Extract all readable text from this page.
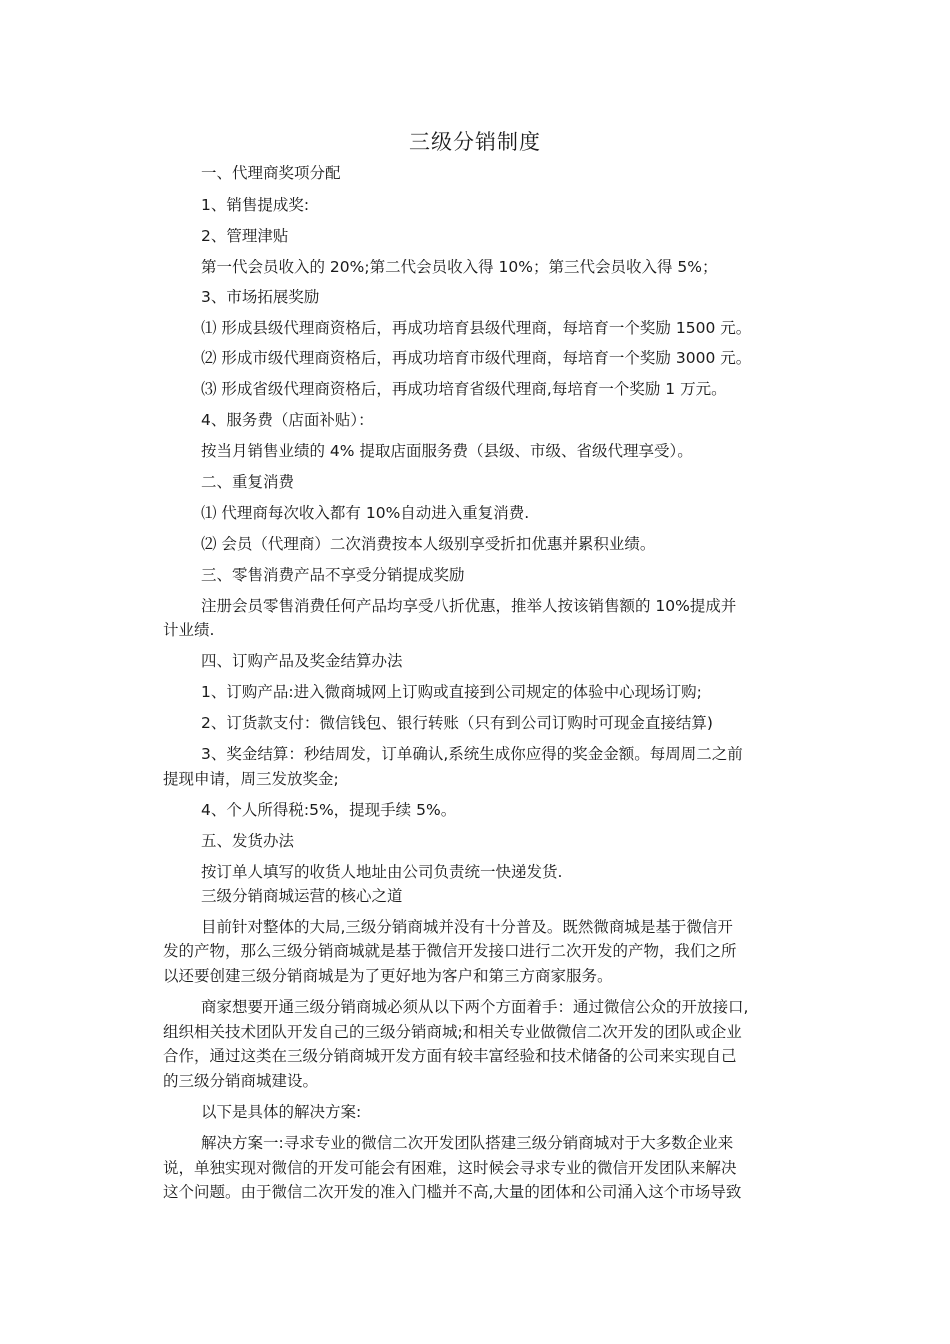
三级分销制度
一、代理商奖项分配
1、销售提成奖:
2、管理津贴
第一代会员收入的 20%;第二代会员收入得 10%；第三代会员收入得 5%；
3、市场拓展奖励
⑴ 形成县级代理商资格后，再成功培育县级代理商，每培育一个奖励 1500 元。
⑵ 形成市级代理商资格后，再成功培育市级代理商，每培育一个奖励 3000 元。
⑶ 形成省级代理商资格后，再成功培育省级代理商,每培育一个奖励 1 万元。
4、服务费（店面补贴）：
按当月销售业绩的 4% 提取店面服务费（县级、市级、省级代理享受）。
二、重复消费
⑴ 代理商每次收入都有 10%自动进入重复消费.
⑵ 会员（代理商）二次消费按本人级别享受折扣优惠并累积业绩。
三、零售消费产品不享受分销提成奖励
注册会员零售消费任何产品均享受八折优惠，推举人按该销售额的 10%提成并
计业绩.
四、订购产品及奖金结算办法
1、订购产品:进入微商城网上订购或直接到公司规定的体验中心现场订购;
2、订货款支付：微信钱包、银行转账（只有到公司订购时可现金直接结算)
3、奖金结算：秒结周发，订单确认,系统生成你应得的奖金金额。每周周二之前
提现申请，周三发放奖金;
4、个人所得税:5%，提现手续 5%。
五、发货办法
按订单人填写的收货人地址由公司负责统一快递发货.
三级分销商城运营的核心之道
目前针对整体的大局,三级分销商城并没有十分普及。既然微商城是基于微信开
发的产物，那么三级分销商城就是基于微信开发接口进行二次开发的产物，我们之所
以还要创建三级分销商城是为了更好地为客户和第三方商家服务。
商家想要开通三级分销商城必须从以下两个方面着手：通过微信公众的开放接口,
组织相关技术团队开发自己的三级分销商城;和相关专业做微信二次开发的团队或企业
合作，通过这类在三级分销商城开发方面有较丰富经验和技术储备的公司来实现自己
的三级分销商城建设。
以下是具体的解决方案:
解决方案一:寻求专业的微信二次开发团队搭建三级分销商城对于大多数企业来
说，单独实现对微信的开发可能会有困难，这时候会寻求专业的微信开发团队来解决
这个问题。由于微信二次开发的准入门槛并不高,大量的团体和公司涌入这个市场导致
